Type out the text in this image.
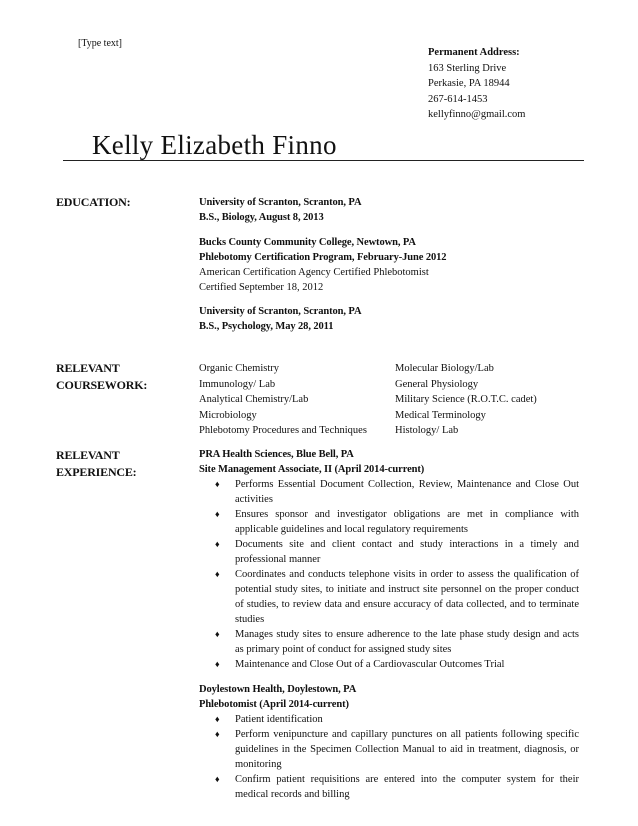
[Type text]
Permanent Address:
163 Sterling Drive
Perkasie, PA 18944
267-614-1453
kellyfinno@gmail.com
Kelly Elizabeth Finno
EDUCATION:	University of Scranton, Scranton, PA
B.S., Biology, August 8, 2013
Bucks County Community College, Newtown, PA
Phlebotomy Certification Program, February-June 2012
American Certification Agency Certified Phlebotomist
Certified September 18, 2012
University of Scranton, Scranton, PA
B.S., Psychology, May 28, 2011
RELEVANT
COURSEWORK:
Organic Chemistry
Immunology/ Lab
Analytical Chemistry/Lab
Microbiology
Phlebotomy Procedures and Techniques
Molecular Biology/Lab
General Physiology
Military Science (R.O.T.C. cadet)
Medical Terminology
Histology/ Lab
RELEVANT
EXPERIENCE:
PRA Health Sciences, Blue Bell, PA
Site Management Associate, II (April 2014-current)
♦ Performs Essential Document Collection, Review, Maintenance and Close Out activities
♦ Ensures sponsor and investigator obligations are met in compliance with applicable guidelines and local regulatory requirements
♦ Documents site and client contact and study interactions in a timely and professional manner
♦ Coordinates and conducts telephone visits in order to assess the qualification of potential study sites, to initiate and instruct site personnel on the proper conduct of studies, to review data and ensure accuracy of data collected, and to terminate studies
♦ Manages study sites to ensure adherence to the late phase study design and acts as primary point of conduct for assigned study sites
♦ Maintenance and Close Out of a Cardiovascular Outcomes Trial
Doylestown Health, Doylestown, PA
Phlebotomist (April 2014-current)
♦ Patient identification
♦ Perform venipuncture and capillary punctures on all patients following specific guidelines in the Specimen Collection Manual to aid in treatment, diagnosis, or monitoring
♦ Confirm patient requisitions are entered into the computer system for their medical records and billing
